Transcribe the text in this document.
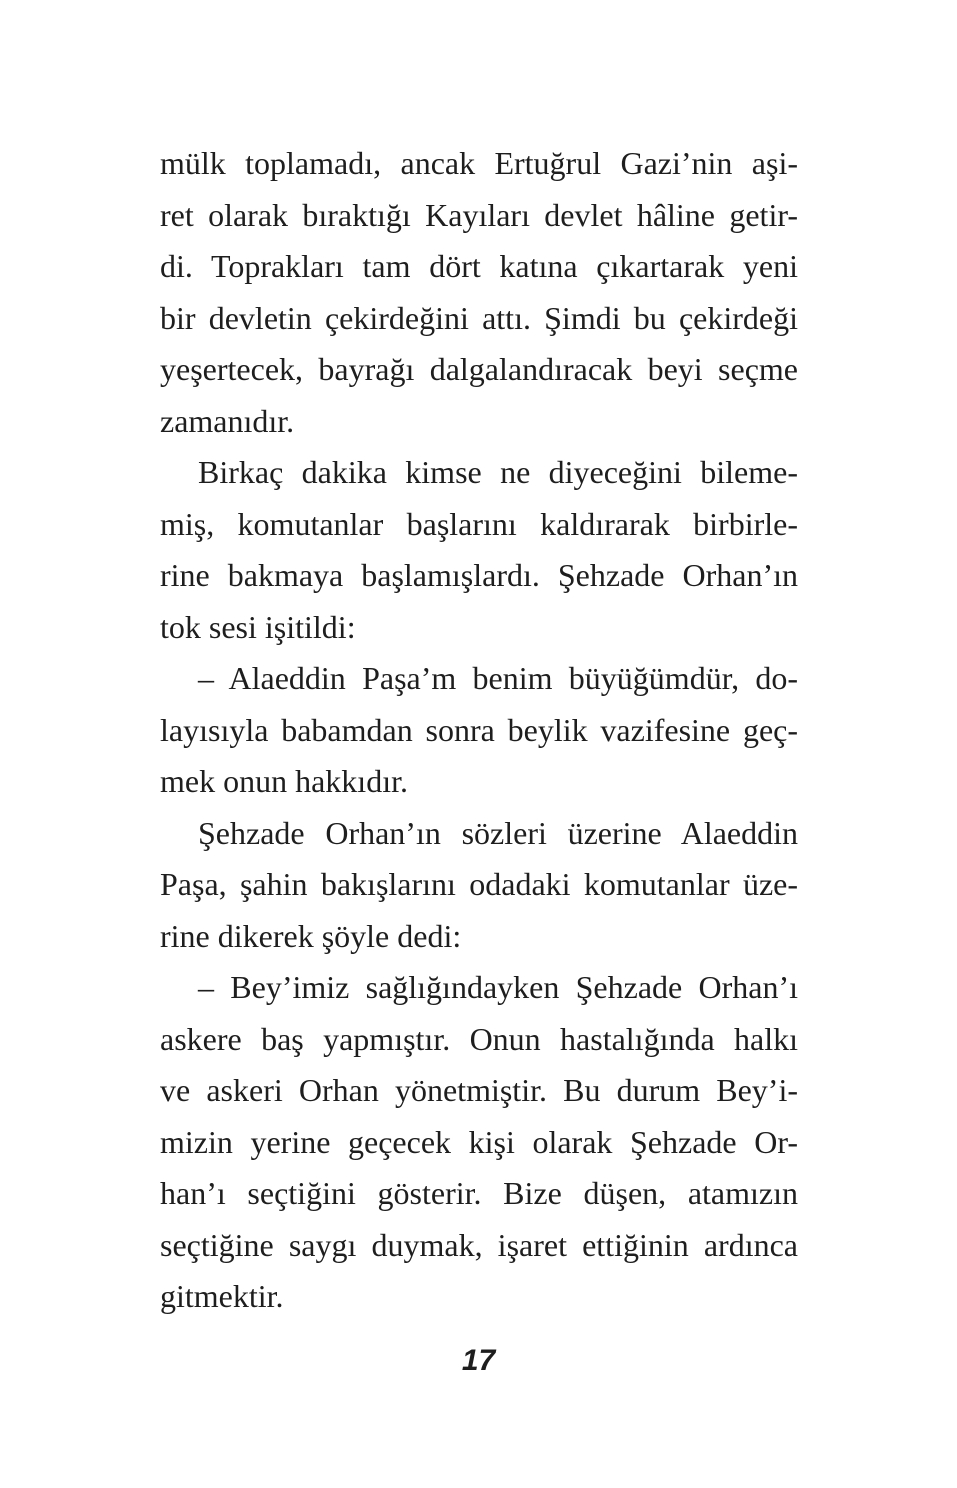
mülk toplamadı, ancak Ertuğrul Gazi’nin aşi-
ret olarak bıraktığı Kayıları devlet hâline getir-
di. Toprakları tam dört katına çıkartarak yeni
bir devletin çekirdeğini attı. Şimdi bu çekirdeği
yeşertecek, bayrağı dalgalandıracak beyi seçme
zamanıdır.
Birkaç dakika kimse ne diyeceğini bileme-
miş, komutanlar başlarını kaldırarak birbirle-
rine bakmaya başlamışlardı. Şehzade Orhan’ın
tok sesi işitildi:
– Alaeddin Paşa’m benim büyüğümdür, do-
layısıyla babamdan sonra beylik vazifesine geç-
mek onun hakkıdır.
Şehzade Orhan’ın sözleri üzerine Alaeddin
Paşa, şahin bakışlarını odadaki komutanlar üze-
rine dikerek şöyle dedi:
– Bey’imiz sağlığındayken Şehzade Orhan’ı
askere baş yapmıştır. Onun hastalığında halkı
ve askeri Orhan yönetmiştir. Bu durum Bey’i-
mizin yerine geçecek kişi olarak Şehzade Or-
han’ı seçtiğini gösterir. Bize düşen, atamızın
seçtiğine saygı duymak, işaret ettiğinin ardınca
gitmektir.
17
